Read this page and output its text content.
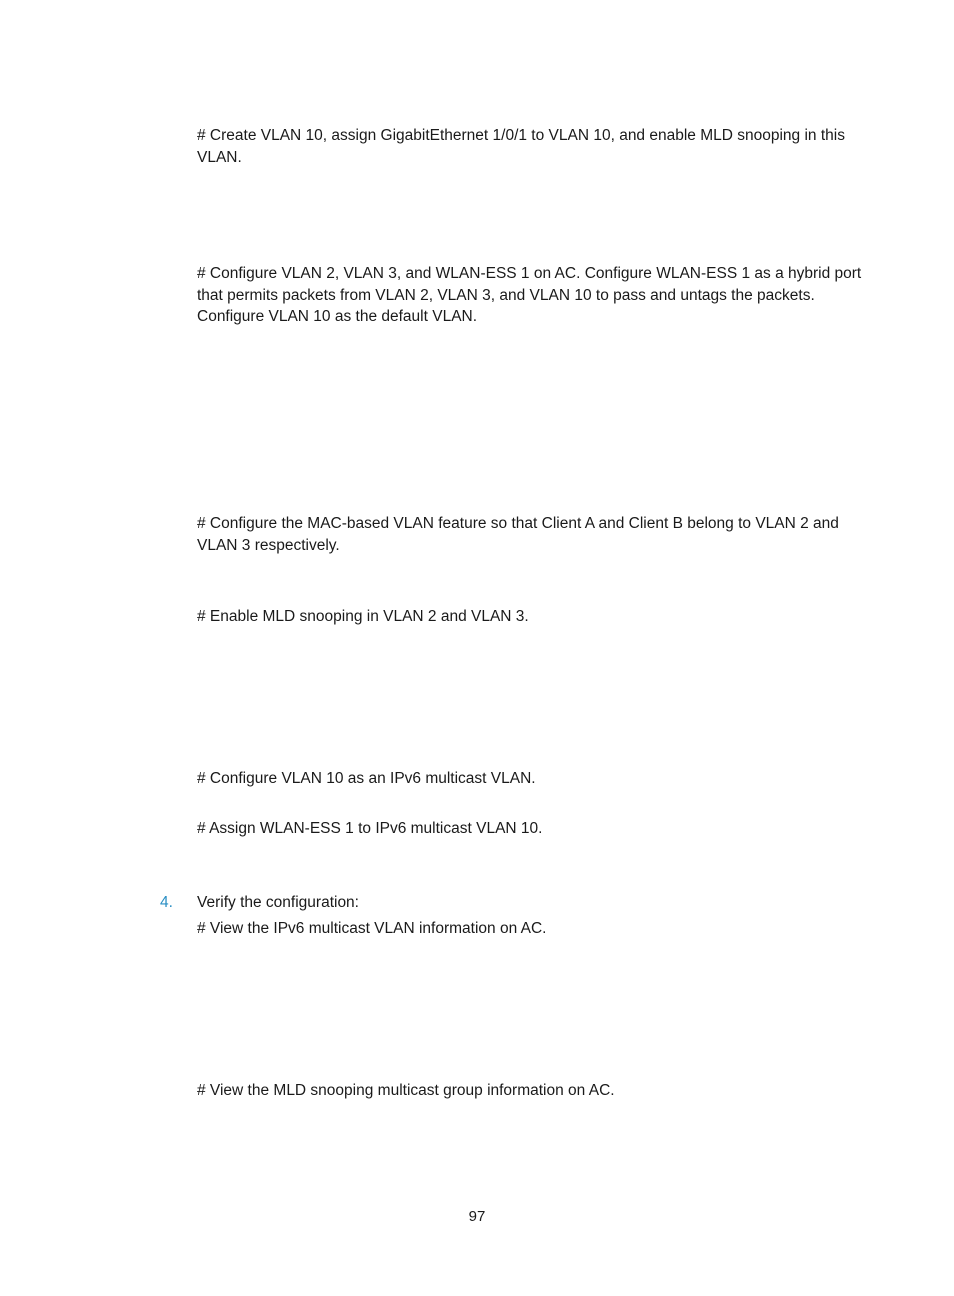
# Create VLAN 10, assign GigabitEthernet 1/0/1 to VLAN 10, and enable MLD snooping in this VLAN.

# Configure VLAN 2, VLAN 3, and WLAN-ESS 1 on AC. Configure WLAN-ESS 1 as a hybrid port that permits packets from VLAN 2, VLAN 3, and VLAN 10 to pass and untags the packets. Configure VLAN 10 as the default VLAN.

# Configure the MAC-based VLAN feature so that Client A and Client B belong to VLAN 2 and VLAN 3 respectively.

# Enable MLD snooping in VLAN 2 and VLAN 3.

# Configure VLAN 10 as an IPv6 multicast VLAN.

# Assign WLAN-ESS 1 to IPv6 multicast VLAN 10.

4. Verify the configuration:

# View the IPv6 multicast VLAN information on AC.

# View the MLD snooping multicast group information on AC.

97
